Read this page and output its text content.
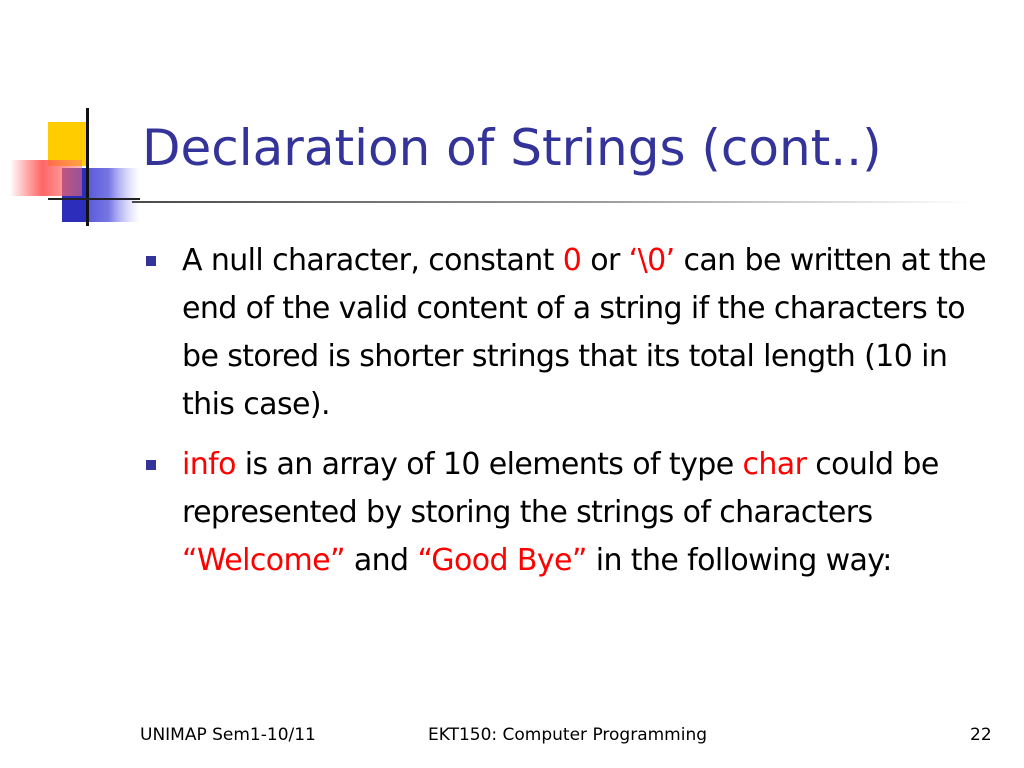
Declaration of Strings (cont..)
A null character, constant 0 or ‘\0’ can be written at the end of the valid content of a string if the characters to be stored is shorter strings that its total length (10 in this case).
info is an array of 10 elements of type char could be represented by storing the strings of characters “Welcome” and “Good Bye” in the following way:
UNIMAP Sem1-10/11	EKT150: Computer Programming	22
